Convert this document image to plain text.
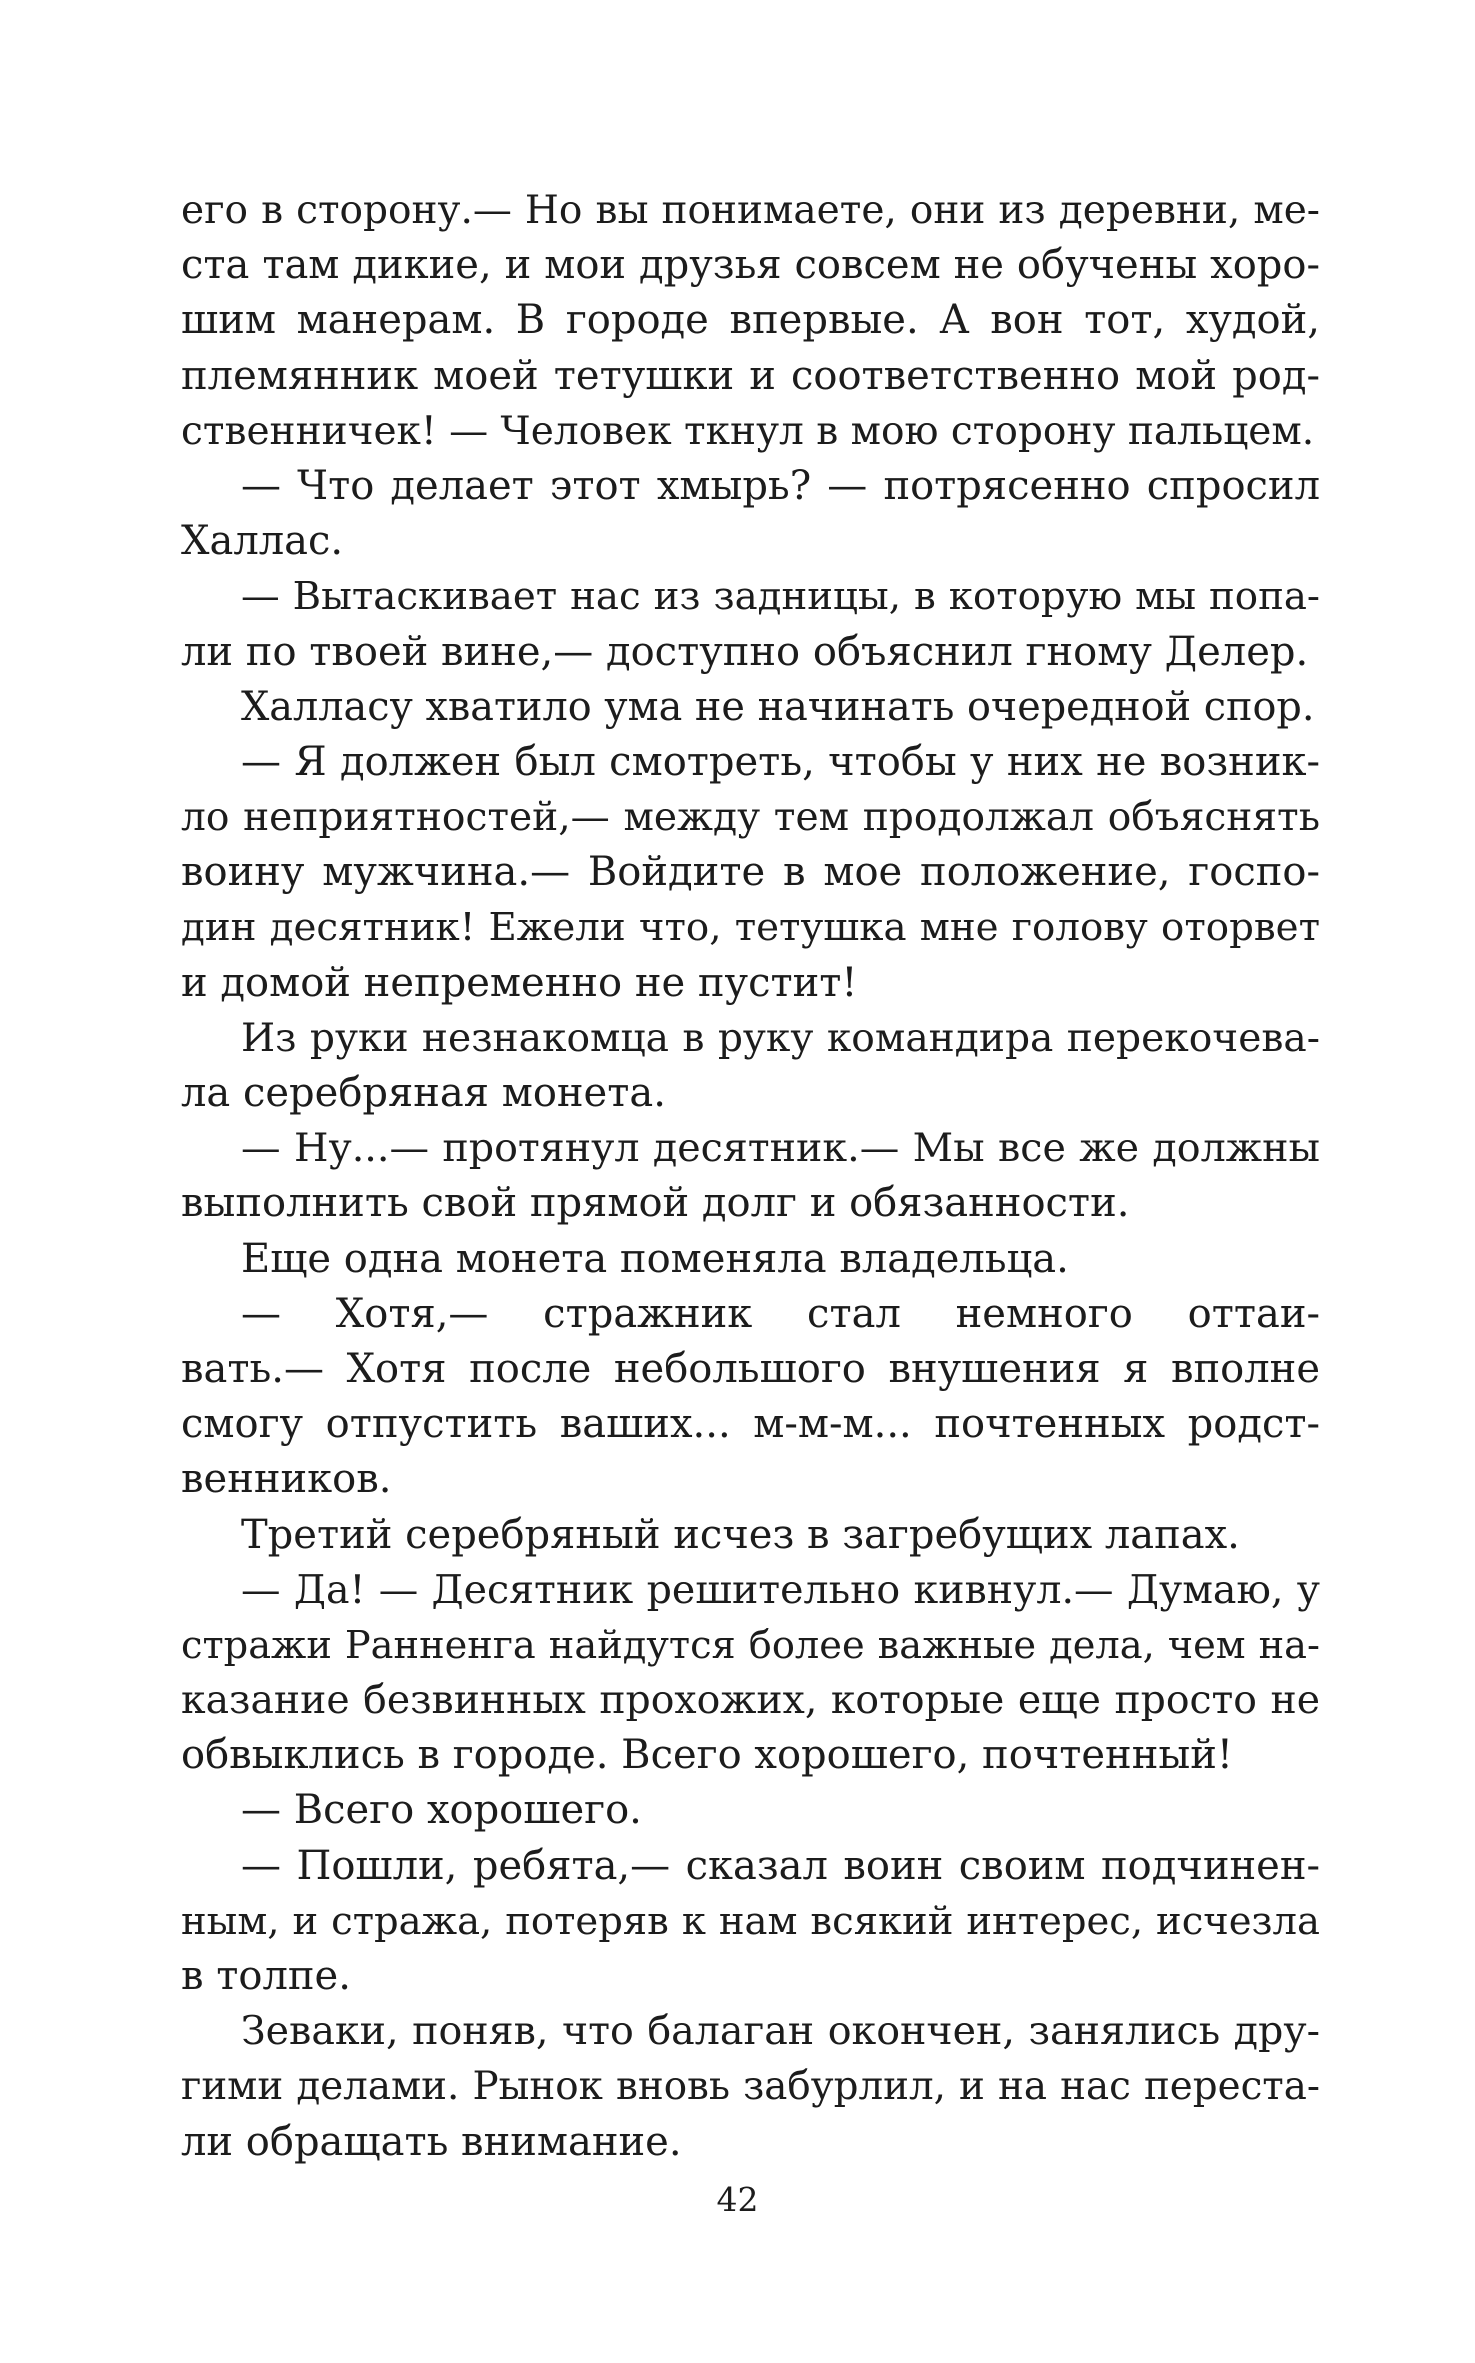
его в сторону.— Но вы понимаете, они из деревни, ме-
ста там дикие, и мои друзья совсем не обучены хоро-
шим манерам. В городе впервые. А вон тот, худой,
племянник моей тетушки и соответственно мой род-
ственничек! — Человек ткнул в мою сторону пальцем.
— Что делает этот хмырь? — потрясенно спросил
Халлас.
— Вытаскивает нас из задницы, в которую мы попа-
ли по твоей вине,— доступно объяснил гному Делер.
Халласу хватило ума не начинать очередной спор.
— Я должен был смотреть, чтобы у них не возник-
ло неприятностей,— между тем продолжал объяснять
воину мужчина.— Войдите в мое положение, госпо-
дин десятник! Ежели что, тетушка мне голову оторвет
и домой непременно не пустит!
Из руки незнакомца в руку командира перекочева-
ла серебряная монета.
— Ну...— протянул десятник.— Мы все же должны
выполнить свой прямой долг и обязанности.
Еще одна монета поменяла владельца.
— Хотя,— стражник стал немного оттаи-
вать.— Хотя после небольшого внушения я вполне
смогу отпустить ваших... м-м-м... почтенных родст-
венников.
Третий серебряный исчез в загребущих лапах.
— Да! — Десятник решительно кивнул.— Думаю, у
стражи Ранненга найдутся более важные дела, чем на-
казание безвинных прохожих, которые еще просто не
обвыклись в городе. Всего хорошего, почтенный!
— Всего хорошего.
— Пошли, ребята,— сказал воин своим подчинен-
ным, и стража, потеряв к нам всякий интерес, исчезла
в толпе.
Зеваки, поняв, что балаган окончен, занялись дру-
гими делами. Рынок вновь забурлил, и на нас переста-
ли обращать внимание.
42
